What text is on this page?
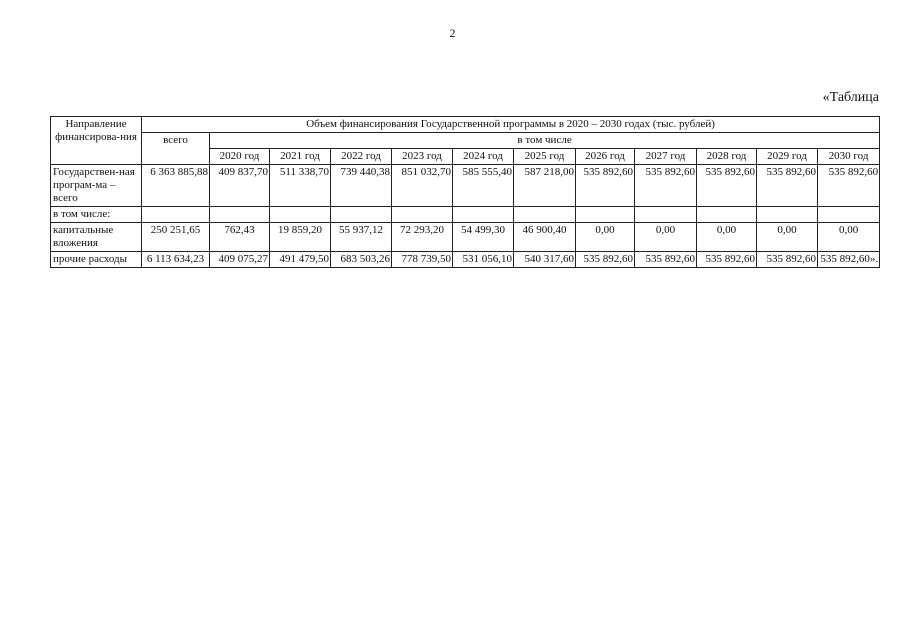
2
«Таблица
Направление финансирова-ния	Объем финансирования Государственной программы в 2020 – 2030 годах (тыс. рублей)											
	всего	в том числе										
		2020 год	2021 год	2022 год	2023 год	2024 год	2025 год	2026 год	2027 год	2028 год	2029 год	2030 год
Государствен-ная програм-ма – всего	6 363 885,88	409 837,70	511 338,70	739 440,38	851 032,70	585 555,40	587 218,00	535 892,60	535 892,60	535 892,60	535 892,60	535 892,60
в том числе:												
капитальные вложения	250 251,65	762,43	19 859,20	55 937,12	72 293,20	54 499,30	46 900,40	0,00	0,00	0,00	0,00	0,00
прочие расходы	6 113 634,23	409 075,27	491 479,50	683 503,26	778 739,50	531 056,10	540 317,60	535 892,60	535 892,60	535 892,60	535 892,60	535 892,60».
